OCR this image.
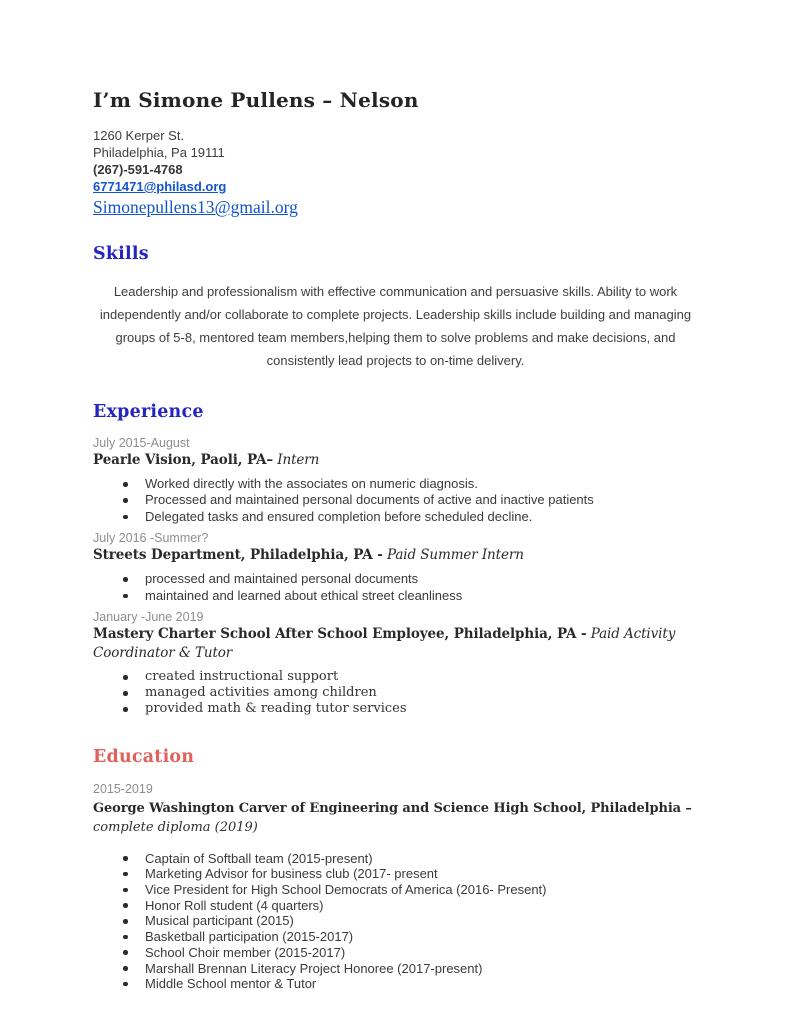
I’m Simone Pullens – Nelson
1260 Kerper St.
Philadelphia, Pa 19111
(267)-591-4768
6771471@philasd.org
Simonepullens13@gmail.org
Skills

Leadership and professionalism with effective communication and persuasive skills. Ability to work independently and/or collaborate to complete projects. Leadership skills include building and managing groups of 5-8, mentored team members,helping them to solve problems and make decisions, and consistently lead projects to on-time delivery.

Experience
July 2015-August
Pearle Vision, Paoli, PA– Intern
Worked directly with the associates on numeric diagnosis.
Processed and maintained personal documents of active and inactive patients
Delegated tasks and ensured completion before scheduled decline.
July 2016 -Summer?
Streets Department, Philadelphia, PA - Paid Summer Intern
processed and maintained personal documents
maintained and learned about ethical street cleanliness
January -June 2019
Mastery Charter School After School Employee, Philadelphia, PA - Paid Activity Coordinator & Tutor
created instructional support
managed activities among children
provided math & reading tutor services
Education
2015-2019
George Washington Carver of Engineering and Science High School, Philadelphia –
complete diploma (2019)
Captain of Softball team (2015-present)
Marketing Advisor for business club (2017- present
Vice President for High School Democrats of America (2016- Present)
Honor Roll student (4 quarters)
Musical participant (2015)
Basketball participation (2015-2017)
School Choir member (2015-2017)
Marshall Brennan Literacy Project Honoree (2017-present)
Middle School mentor & Tutor
